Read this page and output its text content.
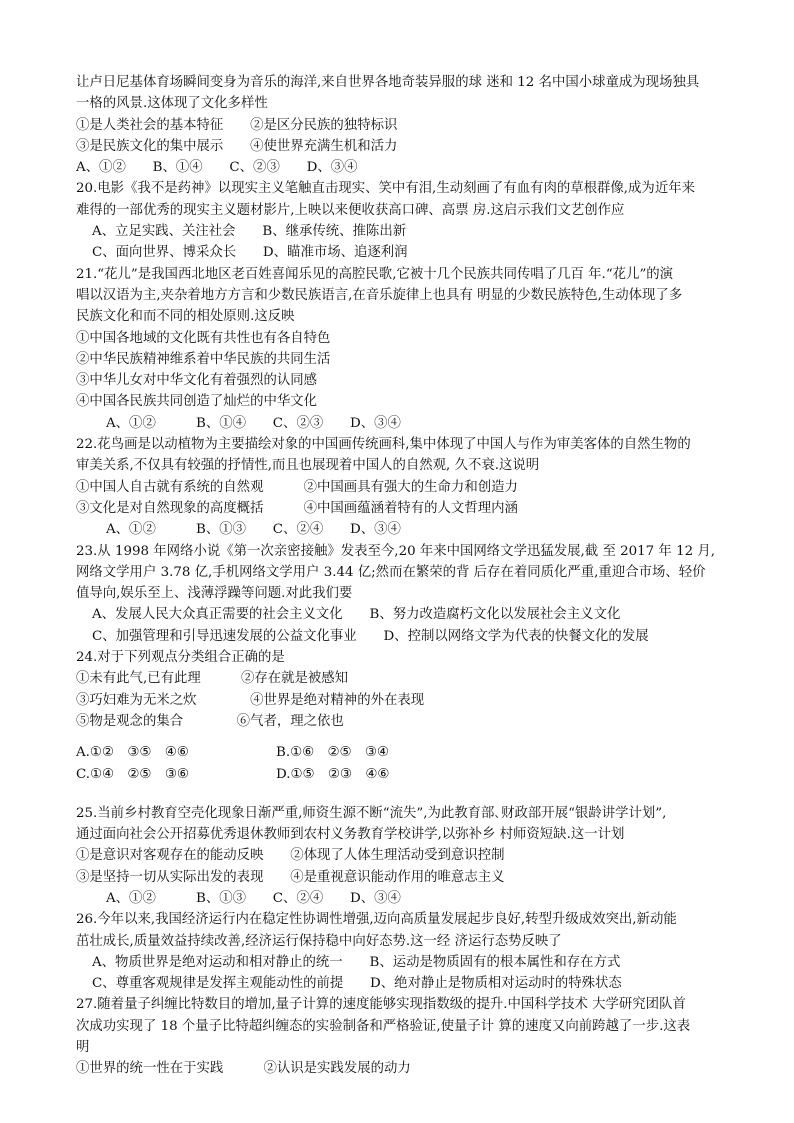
让卢日尼基体育场瞬间变身为音乐的海洋,来自世界各地奇装异服的球 迷和 12 名中国小球童成为现场独具
一格的风景.这体现了文化多样性
①是人类社会的基本特征　　②是区分民族的独特标识
③是民族文化的集中展示　　④使世界充满生机和活力
A、①②　　B、①④　　C、②③　　D、③④
20.电影《我不是药神》以现实主义笔触直击现实、笑中有泪,生动刻画了有血有肉的草根群像,成为近年来
难得的一部优秀的现实主义题材影片,上映以来便收获高口碑、高票 房.这启示我们文艺创作应
A、立足实践、关注社会　　B、继承传统、推陈出新
C、面向世界、博采众长　　D、瞄准市场、追逐利润
21.“花儿”是我国西北地区老百姓喜闻乐见的高腔民歌,它被十几个民族共同传唱了几百 年.“花儿”的演
唱以汉语为主,夹杂着地方方言和少数民族语言,在音乐旋律上也具有 明显的少数民族特色,生动体现了多
民族文化和而不同的相处原则.这反映
①中国各地域的文化既有共性也有各自特色
②中华民族精神维系着中华民族的共同生活
③中华儿女对中华文化有着强烈的认同感
④中国各民族共同创造了灿烂的中华文化
A、①②　　　B、①④　　C、②③　　D、③④
22.花鸟画是以动植物为主要描绘对象的中国画传统画科,集中体现了中国人与作为审美客体的自然生物的
审美关系,不仅具有较强的抒情性,而且也展现着中国人的自然观, 久不衰.这说明
①中国人自古就有系统的自然观　　　②中国画具有强大的生命力和创造力
③文化是对自然现象的高度概括　　　④中国画蕴涵着特有的人文哲理内涵
A、①②　　　B、①③　　C、②④　　D、③④
23.从 1998 年网络小说《第一次亲密接触》发表至今,20 年来中国网络文学迅猛发展,截 至 2017 年 12 月,
网络文学用户 3.78 亿,手机网络文学用户 3.44 亿;然而在繁荣的背 后存在着同质化严重,重迎合市场、轻价
值导向,娱乐至上、浅薄浮躁等问题.对此我们要
A、发展人民大众真正需要的社会主义文化　　B、努力改造腐朽文化以发展社会主义文化
C、加强管理和引导迅速发展的公益文化事业　　D、控制以网络文学为代表的快餐文化的发展
24.对于下列观点分类组合正确的是
①未有此气,已有此理　　　②存在就是被感知
③巧妇难为无米之炊　　　　④世界是绝对精神的外在表现
⑤物是观念的集合　　　　⑥气者，理之依也
A.①②　③⑤　④⑥	B.①⑥　②⑤　③④
C.①④　②⑤　③⑥	D.①⑤　②③　④⑥
25.当前乡村教育空壳化现象日渐严重,师资生源不断“流失”,为此教育部､财政部开展“银龄讲学计划”,
通过面向社会公开招募优秀退休教师到农村义务教育学校讲学,以弥补乡 村师资短缺.这一计划
①是意识对客观存在的能动反映　　②体现了人体生理活动受到意识控制
③是坚持一切从实际出发的表现　　④是重视意识能动作用的唯意志主义
A、①②　　　B、①③　　C、②④　　D、③④
26.今年以来,我国经济运行内在稳定性协调性增强,迈向高质量发展起步良好,转型升级成效突出,新动能
茁壮成长,质量效益持续改善,经济运行保持稳中向好态势.这一经 济运行态势反映了
A、物质世界是绝对运动和相对静止的统一　　B、运动是物质固有的根本属性和存在方式
C、尊重客观规律是发挥主观能动性的前提　　D、绝对静止是物质相对运动时的特殊状态
27.随着量子纠缠比特数目的增加,量子计算的速度能够实现指数级的提升.中国科学技术 大学研究团队首
次成功实现了 18 个量子比特超纠缠态的实验制备和严格验证,使量子计 算的速度又向前跨越了一步.这表
明
①世界的统一性在于实践　　　②认识是实践发展的动力
